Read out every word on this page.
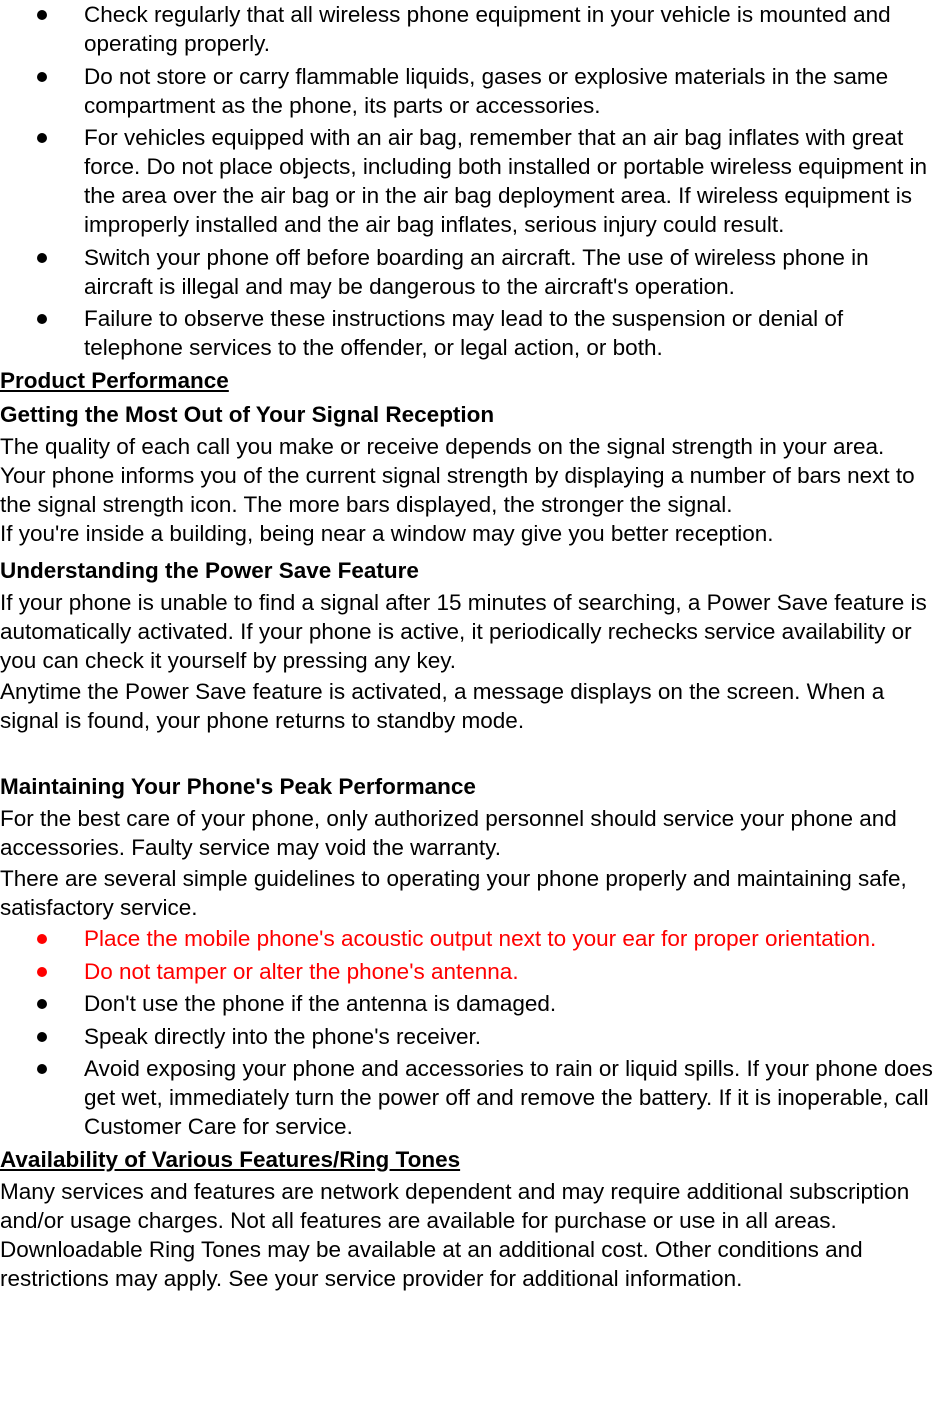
Check regularly that all wireless phone equipment in your vehicle is mounted and operating properly.
Do not store or carry flammable liquids, gases or explosive materials in the same compartment as the phone, its parts or accessories.
For vehicles equipped with an air bag, remember that an air bag inflates with great force. Do not place objects, including both installed or portable wireless equipment in the area over the air bag or in the air bag deployment area. If wireless equipment is improperly installed and the air bag inflates, serious injury could result.
Switch your phone off before boarding an aircraft. The use of wireless phone in aircraft is illegal and may be dangerous to the aircraft's operation.
Failure to observe these instructions may lead to the suspension or denial of telephone services to the offender, or legal action, or both.
Product Performance
Getting the Most Out of Your Signal Reception

The quality of each call you make or receive depends on the signal strength in your area. Your phone informs you of the current signal strength by displaying a number of bars next to the signal strength icon. The more bars displayed, the stronger the signal.

If you're inside a building, being near a window may give you better reception.

Understanding the Power Save Feature

If your phone is unable to find a signal after 15 minutes of searching, a Power Save feature is automatically activated. If your phone is active, it periodically rechecks service availability or you can check it yourself by pressing any key.

Anytime the Power Save feature is activated, a message displays on the screen. When a signal is found, your phone returns to standby mode.

Maintaining Your Phone's Peak Performance

For the best care of your phone, only authorized personnel should service your phone and accessories. Faulty service may void the warranty.

There are several simple guidelines to operating your phone properly and maintaining safe, satisfactory service.

Place the mobile phone's acoustic output next to your ear for proper orientation.
Do not tamper or alter the phone's antenna.
Don't use the phone if the antenna is damaged.
Speak directly into the phone's receiver.
Avoid exposing your phone and accessories to rain or liquid spills. If your phone does get wet, immediately turn the power off and remove the battery. If it is inoperable, call Customer Care for service.
Availability of Various Features/Ring Tones

Many services and features are network dependent and may require additional subscription and/or usage charges. Not all features are available for purchase or use in all areas. Downloadable Ring Tones may be available at an additional cost. Other conditions and restrictions may apply. See your service provider for additional information.
